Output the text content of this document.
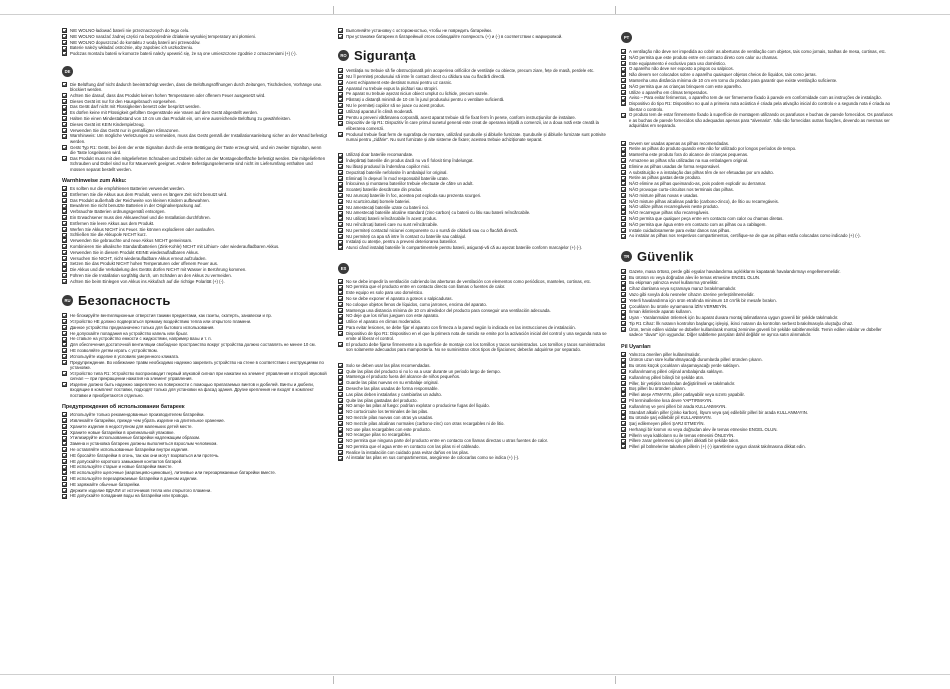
NIE WOLNO ładować baterii nie przeznaczonych do tego celu.
NIE WOLNO narażać żadnej części na bezpośrednie działanie wysokiej temperatury ani płomieni.
NIE WOLNO dopuszczać do kontaktu z wodą baterii ani przewodów.
Baterie należy wkładać ostrożnie, aby zapobiec ich uszkodzeniu.
Podczas montażu baterii w komorze baterii należy upewnić się, że są one umieszczone zgodnie z oznaczeniami (+) (-).
DE
Die Belüftung darf nicht dadurch beeinträchtigt werden, dass die Belüftungsöffnungen durch Zeitungen, Tischdecken, Vorhänge usw. blockiert werden.
Achten Sie darauf, dass das Produkt keinen hohen Temperaturen oder offenem Feuer ausgesetzt wird.
Dieses Gerät ist nur für den Hausgebrauch vorgesehen.
Das Gerät darf nicht mit Flüssigkeiten benetzt oder bespritzt werden.
Es dürfen keine mit Flüssigkeit gefüllten Gegenstände wie Vasen auf dem Gerät abgestellt werden.
Halten Sie einen Mindestabstand von 10 cm um das Produkt ein, um eine ausreichende Belüftung zu gewährleisten.
Dieses Gerät ist KEIN Kinderspielzeug.
Verwenden Sie das Gerät nur in gemäßigten Klimazonen.
Warnhinweis: Um mögliche Verletzungen zu vermeiden, muss das Gerät gemäß der Installationsanleitung sicher an der Wand befestigt werden.
Gerät Typ R1: Gerät, bei dem der erste Signalton durch die erste Betätigung der Taste erzeugt wird, und ein zweiter Signalton, wenn die Taste losgelassen wird.
Das Produkt muss mit den mitgelieferten Schrauben und Dübeln sicher an der Montageoberfläche befestigt werden. Die mitgelieferten Schrauben und Dübel sind nur für Mauerwerk geeignet. Andere Befestigungselemente sind nicht im Lieferumfang enthalten und müssen separat bestellt werden.
Warnhinweise zum Akku:
Es sollten nur die empfohlenen Batterien verwendet werden.
Entfernen Sie die Akkus aus dem Produkt, wenn es längere Zeit nicht benutzt wird.
Das Produkt außerhalb der Reichweite von kleinen Kindern aufbewahren.
Bewahren Sie nicht benutzte Batterien in der Originalverpackung auf.
Verbrauchte Batterien ordnungsgemäß entsorgen.
Ein Erwachsener muss den Akkuwechsel und die Installation durchführen.
Entfernen Sie leere Akkus aus dem Produkt.
Werfen Sie Akkus NICHT ins Feuer. Sie können explodieren oder auslaufen.
Schließen Sie die Akkupole NICHT kurz.
Verwenden Sie gebrauchte und neue Akkus NICHT gemeinsam.
Kombinieren Sie alkalische Standardbatterien (Zink-Kohle) NICHT mit Lithium- oder wiederaufladbaren Akkus.
Verwenden Sie in diesem Produkt KEINE wiederaufladbaren Akkus.
Versuchen Sie NICHT, nicht wiederaufladbare Akkus erneut aufzuladen.
Setzen Sie das Produkt NICHT hohen Temperaturen oder offenem Feuer aus.
Die Akkus und die Verkabelung des Geräts dürfen NICHT mit Wasser in Berührung kommen.
Führen Sie die Installation sorgfältig durch, um Schäden an den Akkus zu vermeiden.
Achten Sie beim Einlegen von Akkus ins Akkufach auf die richtige Polarität (+) (-).
RU Безопасность
Не блокируйте вентиляционные отверстия такими предметами, как газеты, скатерть, занавески и пр.
Устройство НЕ должно подвергаться прямому воздействию тепла или открытого пламени.
Данное устройство предназначено только для бытового использования.
Не допускайте попадания на устройство капель или брызг.
Не ставьте на устройство емкости с жидкостями, например вазы и т. п.
Для обеспечения достаточной вентиляции свободное пространство вокруг устройства должно составлять не менее 10 см.
НЕ позволяйте детям играть с устройством.
Используйте изделие в условиях умеренного климата.
Предупреждение. Во избежание травм необходимо надежно закрепить устройство на стене в соответствии с инструкциями по установке.
Устройство типа R1: Устройство воспроизводит первый звуковой сигнал при нажатии на элемент управления и второй звуковой сигнал — при прекращении нажатия на элемент управления.
Изделие должно быть надежно закреплено на поверхности с помощью прилагаемых винтов и дюбелей. Винты и дюбели, входящие в комплект поставки, подходят только для установки на фасад здания. Другие крепления не входят в комплект поставки и приобретаются отдельно.
Предупреждения об использовании батареек
Используйте только рекомендованные производителем батарейки.
Извлекайте батарейки, прежде чем убрать изделие на длительное хранение.
Храните изделие в недоступном для маленьких детей месте.
Храните новые батарейки в оригинальной упаковке.
Утилизируйте использованные батарейки надлежащим образом.
Замена и установка батареек должны выполняться взрослым человеком.
Не оставляйте использованные батарейки внутри изделия.
НЕ бросайте батарейки в огонь, так как они могут взорваться или протечь.
НЕ допускайте короткого замыкания контактов батарей.
НЕ используйте старые и новые батарейки вместе.
НЕ используйте щелочные (марганцево-цинковые), литиевые или перезаряжаемые батарейки вместе.
НЕ используйте перезаряжаемые батарейки в данном изделии.
НЕ заряжайте обычные батарейки.
Держите изделие ВДАЛИ от источников тепла или открытого пламени.
НЕ допускайте попадания воды на батарейки или провода.
Выполняйте установку с осторожностью, чтобы не повредить батарейки.
При установке батареек в батарейный отсек соблюдайте полярность (+) и (-) в соответствии с маркировкой.
RO Siguranța
Ventilația nu trebuie să fie obstrucționată prin acoperirea orificiilor de ventilație cu obiecte, precum ziare, fețe de masă, perdele etc.
NU îl permiteți produsului să intre în contact direct cu căldura sau cu flacără directă.
Acest echipament este destinat numai pentru uz casnic.
Aparatul nu trebuie expus la picături sau stropiri.
Pe aparat nu trebuie așezat niciun obiect umplut cu lichide, precum vazele.
Păstrați o distanță minimă de 10 cm în jurul produsului pentru o ventilare suficientă.
NU le permiteți copiilor să se joace cu acest produs.
Utilizați aparatul în climă moderată.
Pentru a preveni vătămarea corporală, acest aparat trebuie să fie fixat ferm în perete, conform instrucțiunilor de instalare.
Dispozitiv de tip R1: Dispozitiv în care primul sunetul general este creat de operarea inițială a comenzii, iar a doua notă este creată la eliberarea comenzii.
Produsul trebuie fixat ferm de suprafața de montare, utilizând șuruburile și diblurile furnizate. Șuruburile și diblurile furnizate sunt potrivite numai pentru „zidărie". Nu sunt furnizate și alte sisteme de fixare; acestea trebuie achiziționate separat.
Utilizați doar bateriile recomandate.
Îndepărtați bateriile din produs dacă nu va fi folosit timp îndelungat.
Nu lăsați produsul la îndemâna copiilor mici.
Depozitați bateriile nefolosite în ambalajul lor original.
Eliminați în deșeuri în mod responsabil bateriile uzate.
Înlocuirea și montarea bateriilor trebuie efectuate de către un adult.
Scoateți bateriile descărcate din produs.
NU aruncați bateriile în foc, acestea pot exploda sau prezenta scurgeri.
NU scurtcircuitați bornele bateriei.
NU amestecați bateriile uzate cu baterii noi.
NU amestecați bateriile alcaline standard (zinc-carbon) cu baterii cu litiu sau baterii reîncărcabile.
NU utilizați baterii reîncărcabile în acest produs.
NU reîncărcați baterii care nu sunt reîncărcabile.
NU permiteți contactul niciunei componente cu o sursă de căldură sau cu o flacără directă.
NU permiteți ca apa să intre în contact cu bateriile sau cablajul.
Instalați cu atenție, pentru a preveni deteriorarea bateriilor.
Atunci când instalați bateriile în compartimentele pentru baterii, asigurați-vă că au așezat bateriile conform marcajelor (+) (-).
ES
No se debe impedir la ventilación cubriendo las aberturas de ventilación con elementos como periódicos, manteles, cortinas, etc.
NO permita que el producto entre en contacto directo con llamas o fuentes de calor.
Este equipo es solo para uso doméstico.
No se debe exponer el aparato a goteos o salpicaduras.
No coloque objetos llenos de líquidos, como jarrones, encima del aparato.
Mantenga una distancia mínima de 10 cm alrededor del producto para conseguir una ventilación adecuada.
NO deje que los niños jueguen con este aparato.
Utilice el aparato en climas moderados.
Para evitar lesiones, se debe fijar el aparato con firmeza a la pared según lo indicado en las instrucciones de instalación.
Dispositivo de tipo R1: Dispositivo en el que la primera nota de sonido se emite por la activación inicial del control y una segunda nota se emite al liberar el control.
El producto debe fijarse firmemente a la superficie de montaje con los tornillos y tacos suministrados. Los tornillos y tacos suministrados son solamente adecuados para mampostería. No se suministran otros tipos de fijaciones; deberán adquirirse por separado.
Solo se deben usar las pilas recomendadas.
Quite las pilas del producto si no lo va a usar durante un periodo largo de tiempo.
Mantenga el producto fuera del alcance de niños pequeños.
Guarde las pilas nuevas en su embalaje original.
Deseche las pilas usadas de forma responsable.
Las pilas deben instalarlas y cambiarlas un adulto.
Quite las pilas gastadas del producto.
NO arroje las pilas al fuego: podrían explotar o producirse fugas del líquido.
NO cortocircuite los terminales de las pilas.
NO mezcle pilas nuevas con otras ya usadas.
NO mezcle pilas alcalinas normales (carbono-zinc) con otras recargables ni de litio.
NO use pilas recargables con este producto.
NO recargue pilas no recargables.
NO permita que ninguna parte del producto entre en contacto con llamas directas u otras fuentes de calor.
NO permita que el agua entre en contacto con las pilas ni el cableado.
Realice la instalación con cuidado para evitar daños en las pilas.
Al instalar las pilas en sus compartimentos, asegúrese de colocarlas como se indica (+) (-).
PT
A ventilação não deve ser impedida ao cobrir as aberturas de ventilação com objetos, tais como jornais, toalhas de mesa, cortinas, etc.
NÃO permita que este produto entre em contacto direto com calor ou chamas.
Este equipamento é exclusivo para uso doméstico.
O aparelho não deve ser exposto a pingos ou salpicos.
Não devem ser colocados sobre o aparelho quaisquer objetos cheios de líquidos, tais como jarras.
Mantenha uma distância mínima de 10 cm em torno do produto para garantir que existe ventilação suficiente.
NÃO permita que as crianças brinquem com este aparelho.
Utilize o aparelho em climas temperados.
Aviso – Para evitar ferimentos, o aparelho tem de ser firmemente fixado à parede em conformidade com as instruções de instalação.
Dispositivo do tipo R1: Dispositivo no qual a primeira nota acústica é criada pela ativação inicial do controlo e a segunda nota é criada ao libertar o controlo.
O produto tem de estar firmemente fixado à superfície de montagem utilizando os parafusos e buchas de parede fornecidos. Os parafusos e as buchas de parede fornecidos são adequados apenas para "alvenaria". Não são fornecidas outras fixações, devendo as mesmas ser adquiridas em separado.
Devem ser usadas apenas as pilhas recomendadas.
Retire as pilhas do produto quando este não for utilizado por longos períodos de tempo.
Mantenha este produto fora do alcance de crianças pequenas.
Armazene as pilhas não utilizadas na sua embalagem original.
Elimine as pilhas usadas de forma responsável.
A substituição e a instalação das pilhas têm de ser efetuadas por um adulto.
Retire as pilhas gastas deste produto.
NÃO elimine as pilhas queimando-as, pois podem explodir ou derramar.
NÃO provoque curto-circuitos nos terminais das pilhas.
NÃO misture pilhas novas e usadas.
NÃO misture pilhas alcalinas padrão (carbono-zinco), de lítio ou recarregáveis.
NÃO utilize pilhas recarregáveis neste produto.
NÃO recarregue pilhas não recarregáveis.
NÃO permita que qualquer peça entre em contacto com calor ou chamas diretas.
NÃO permita que água entre em contacto com as pilhas ou a cablagem.
Instale cuidadosamente para evitar danos nas pilhas.
Ao instalar as pilhas nos respetivos compartimentos, certifique-se de que as pilhas estão colocadas como indicado (+) (-).
TR Güvenlik
Gazete, masa örtüsü, perde gibi eşyalar havalandırma açıklıklarını kapatarak havalandırmayı engellememelidir.
Bu ürünün ısı veya doğrudan alev ile temas etmesine ENGEL OLUN.
Bu ekipman yalnızca evsel kullanıma yöneliktir.
Cihaz damlama veya sıçramaya maruz bırakılmamalıdır.
Vazo gibi sıvıyla dolu nesneler cihazın üzerine yerleştirilmemelidir.
Yeterli havalandırma için ürün etrafında minimum 10 cm'lik bir mesafe bırakın.
Çocukların bu ürünle oynamasına İZİN VERMEYİN.
Ilıman iklimlerde aparatı kullanın.
Uyarı - Yaralanmaları önlemek için bu aparat duvara montaj talimatlarına uygun güvenli bir şekilde takılmalıdır.
Tip R1 Cihaz: İlk notanın kontrolün başlangıç işleyişi, ikinci notanın da kontrolün serbest bırakılmasıyla oluştuğu cihaz.
Ürün, temin edilen vidalar ve dübeller kullanılarak montaj zeminine güvenli bir şekilde sabitlenmelidir. Temin edilen vidalar ve dübeller sadece "duvar" için uygundur. Diğer sabitleme parçaları dahil değildir ve ayrıca satın alınmalıdır.
Pil Uyarıları
Yalnızca önerilen piller kullanılmalıdır.
Ürünün uzun süre kullanılmayacağı durumlarda pilleri üründen çıkarın.
Bu ürünü küçük çocukların ulaşamayacağı yerde saklayın.
Kullanılmamış pilleri orijinal ambalajında saklayın.
Kullanılmış pilleri bilinçli bir şekilde atın.
Piller, bir yetişkin tarafından değiştirilmeli ve takılmalıdır.
Boş pilleri bu üründen çıkarın.
Pilleri ateşe ATMAYIN, piller patlayabilir veya sızıntı yapabilir.
Pil terminallerine kısa devre YAPTIRMAYIN.
Kullanılmış ve yeni pilleri bir arada KULLANMAYIN.
Standart alkalin piller (çinko karbon), lityum veya şarj edilebilir pilleri bir arada KULLANMAYIN.
Bu üründe şarj edilebilir pil KULLANMAYIN.
Şarj edilemeyen pilleri ŞARJ ETMEYİN.
Herhangi bir kısmın ısı veya doğrudan alev ile temas etmesine ENGEL OLUN.
Pillerin veya kabloların su ile temas etmesini ÖNLEYİN.
Pillere zarar gelmemesi için pilleri dikkatli bir şekilde takın.
Pilleri pil bölmelerine takarken pillerin (+) (-) işaretlerine uygun olarak takılmasına dikkat edin.
